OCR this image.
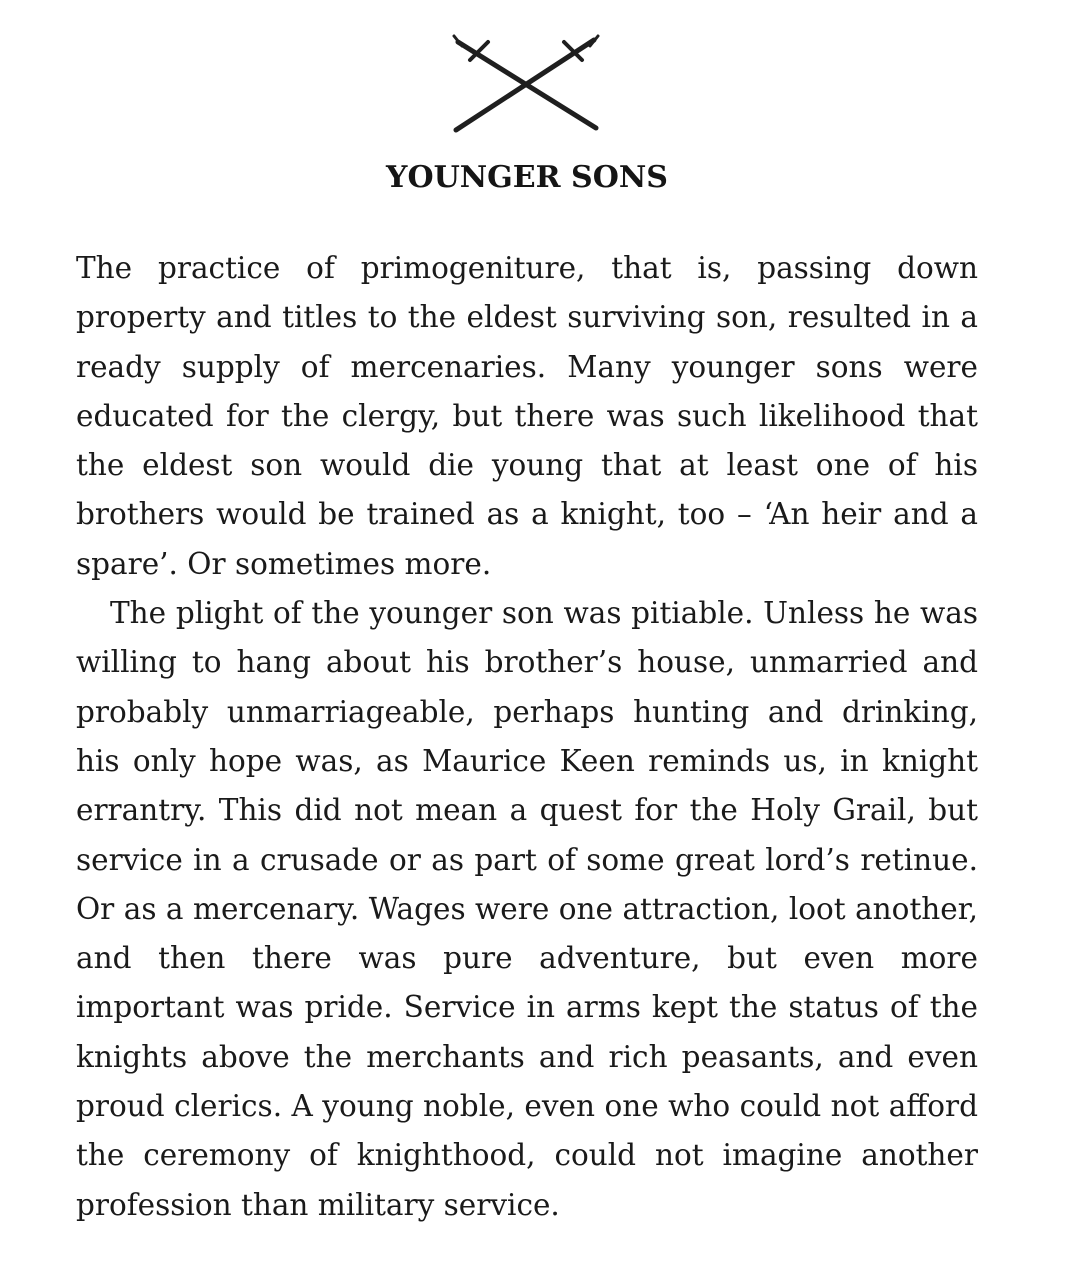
YOUNGER SONS

The practice of primogeniture, that is, passing down property and titles to the eldest surviving son, resulted in a ready supply of mercenaries. Many younger sons were educated for the clergy, but there was such likelihood that the eldest son would die young that at least one of his brothers would be trained as a knight, too – ‘An heir and a spare’. Or sometimes more.

The plight of the younger son was pitiable. Unless he was willing to hang about his brother’s house, unmarried and probably unmarriageable, perhaps hunting and drinking, his only hope was, as Maurice Keen reminds us, in knight errantry. This did not mean a quest for the Holy Grail, but service in a crusade or as part of some great lord’s retinue. Or as a mercenary. Wages were one attraction, loot another, and then there was pure adventure, but even more important was pride. Service in arms kept the status of the knights above the merchants and rich peasants, and even proud clerics. A young noble, even one who could not afford the ceremony of knighthood, could not imagine another profession than military service.
